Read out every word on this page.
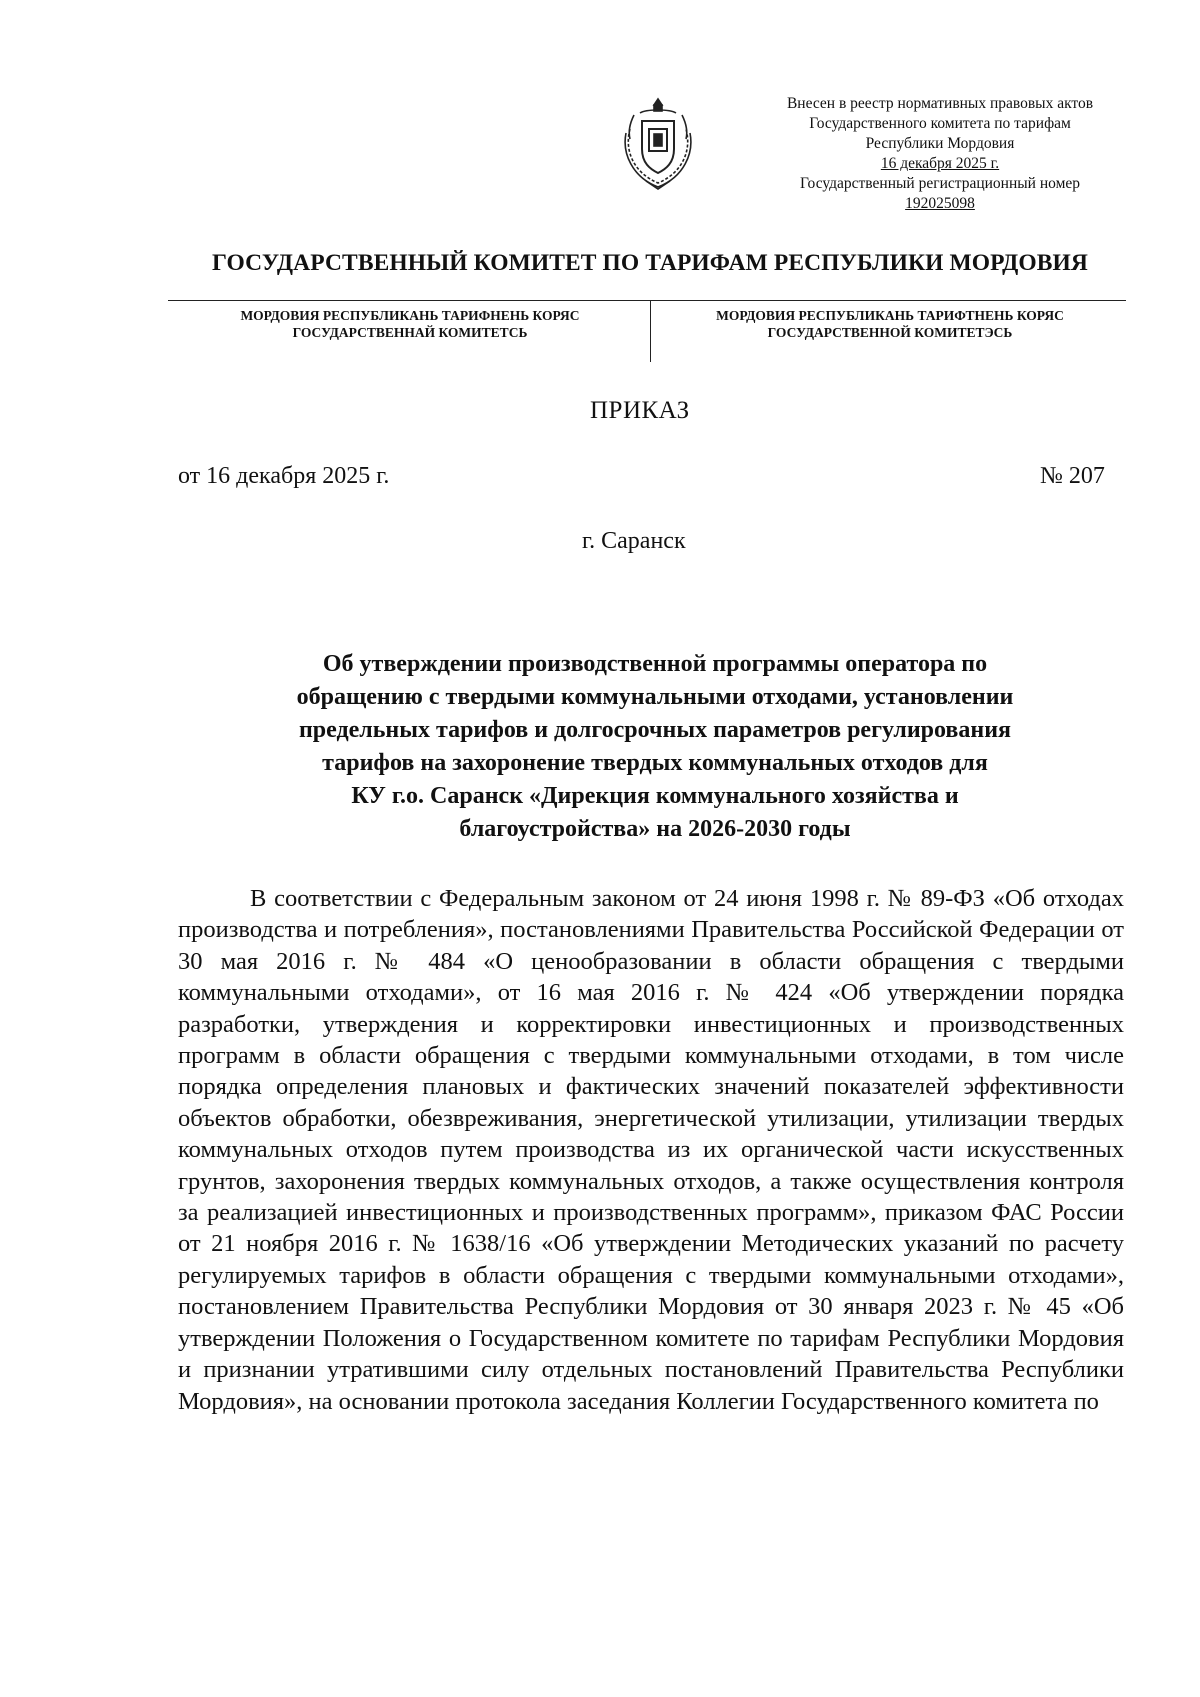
Внесен в реестр нормативных правовых актов
Государственного комитета по тарифам
Республики Мордовия
16 декабря 2025 г.
Государственный регистрационный номер
192025098
ГОСУДАРСТВЕННЫЙ КОМИТЕТ ПО ТАРИФАМ РЕСПУБЛИКИ МОРДОВИЯ
МОРДОВИЯ РЕСПУБЛИКАНЬ ТАРИФНЕНЬ КОРЯС
ГОСУДАРСТВЕННАЙ КОМИТЕТСЬ
МОРДОВИЯ РЕСПУБЛИКАНЬ ТАРИФТНЕНЬ КОРЯС
ГОСУДАРСТВЕННОЙ КОМИТЕТЭСЬ
ПРИКАЗ
от 16 декабря 2025 г.	№ 207
г. Саранск
Об утверждении производственной программы оператора по
обращению с твердыми коммунальными отходами, установлении
предельных тарифов и долгосрочных параметров регулирования
тарифов на захоронение твердых коммунальных отходов для
КУ г.о. Саранск «Дирекция коммунального хозяйства и
благоустройства» на 2026-2030 годы

В соответствии с Федеральным законом от 24 июня 1998 г. № 89-ФЗ «Об отходах производства и потребления», постановлениями Правительства Российской Федерации от 30 мая 2016 г. № 484 «О ценообразовании в области обращения с твердыми коммунальными отходами», от 16 мая 2016 г. № 424 «Об утверждении порядка разработки, утверждения и корректировки инвестиционных и производственных программ в области обращения с твердыми коммунальными отходами, в том числе порядка определения плановых и фактических значений показателей эффективности объектов обработки, обезвреживания, энергетической утилизации, утилизации твердых коммунальных отходов путем производства из их органической части искусственных грунтов, захоронения твердых коммунальных отходов, а также осуществления контроля за реализацией инвестиционных и производственных программ», приказом ФАС России от 21 ноября 2016 г. № 1638/16 «Об утверждении Методических указаний по расчету регулируемых тарифов в области обращения с твердыми коммунальными отходами», постановлением Правительства Республики Мордовия от 30 января 2023 г. № 45 «Об утверждении Положения о Государственном комитете по тарифам Республики Мордовия и признании утратившими силу отдельных постановлений Правительства Республики Мордовия», на основании протокола заседания Коллегии Государственного комитета по
